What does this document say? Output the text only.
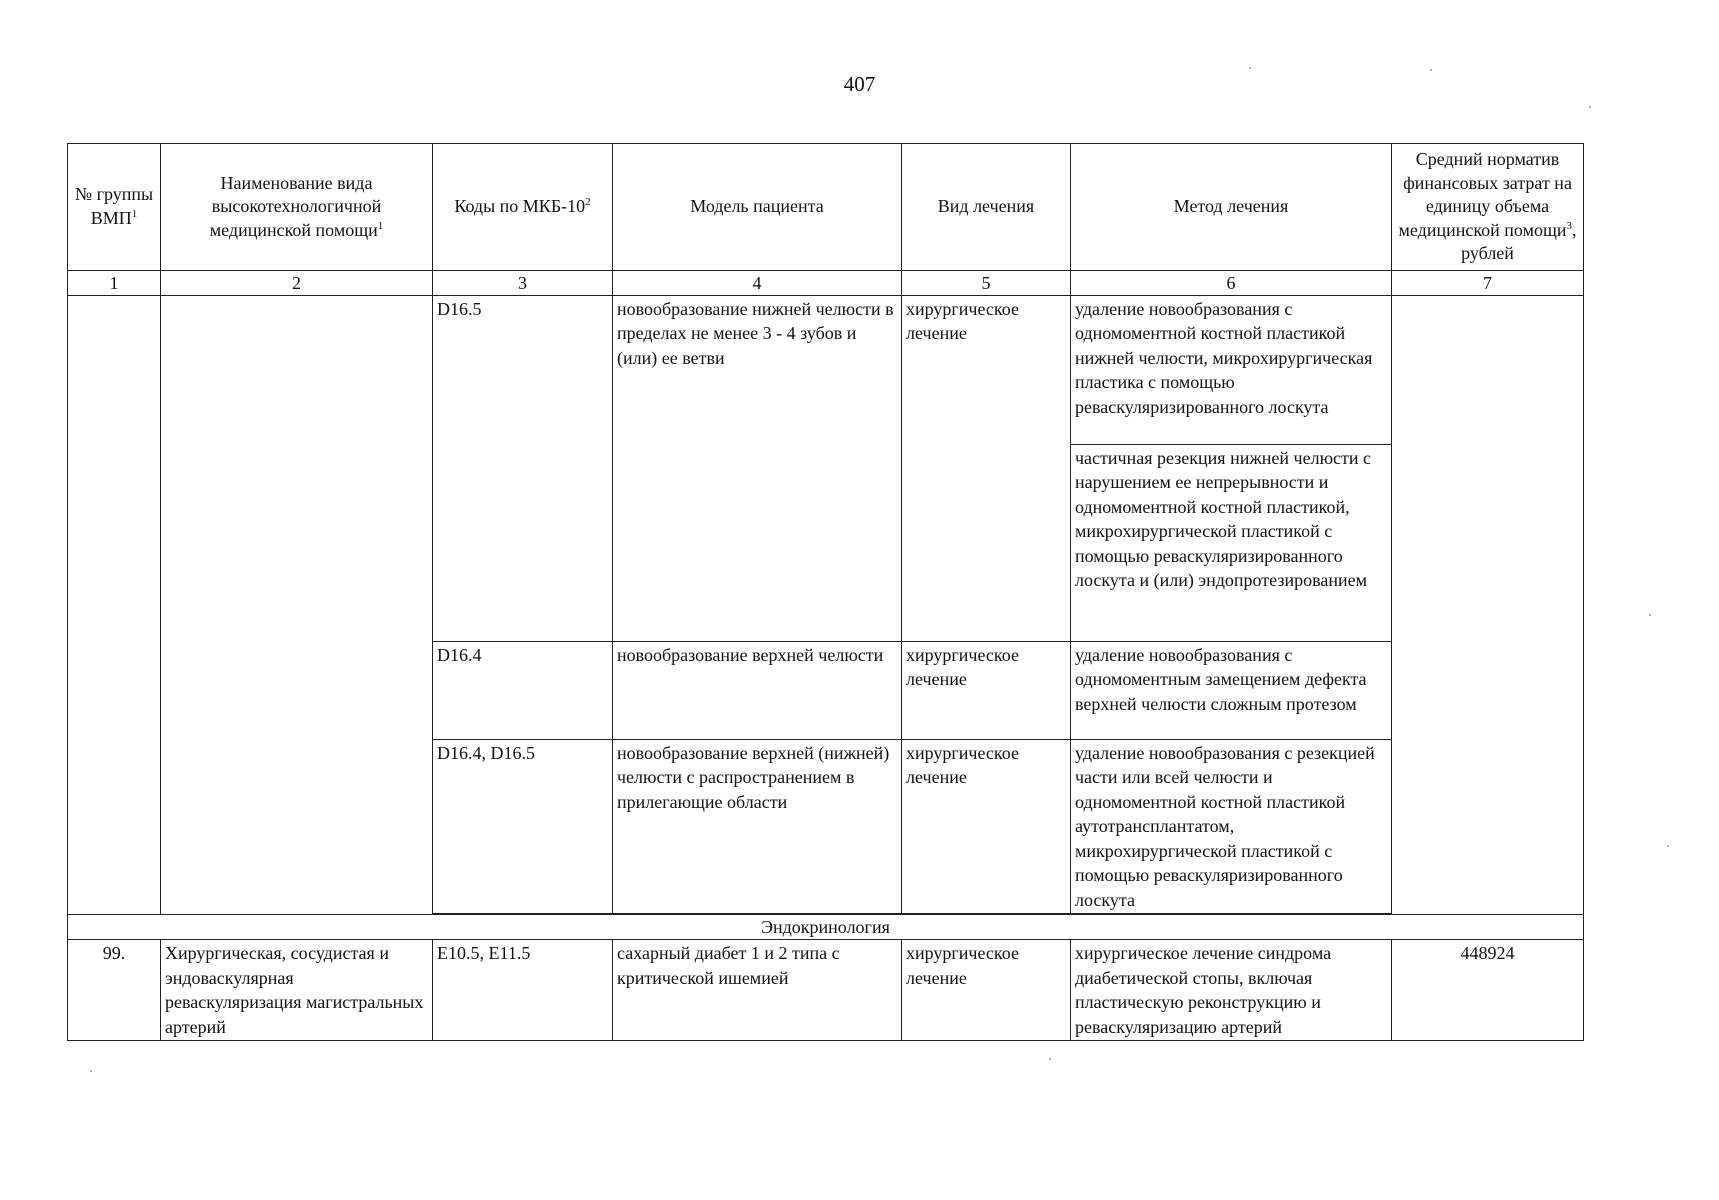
407
№ группы ВМП$^1$	Наименование вида высокотехнологичной медицинской помощи$^1$	Коды по МКБ-$10^2$	Модель пациента	Вид лечения	Метод лечения	Средний норматив финансовых затрат на единицу объема медицинской помощи$^3$, рублей
1	2	3	4	5	6	7
		D16.5	новообразование нижней челюсти в пределах не менее 3 - 4 зубов и (или) ее ветви	хирургическое лечение	удаление новообразования с одномоментной костной пластикой нижней челюсти, микрохирургическая пластика с помощью реваскуляризированного лоскута	
					частичная резекция нижней челюсти с нарушением ее непрерывности и одномоментной костной пластикой, микрохирургической пластикой с помощью реваскуляризированного лоскута и (или) эндопротезированием	
		D16.4	новообразование верхней челюсти	хирургическое лечение	удаление новообразования с одномоментным замещением дефекта верхней челюсти сложным протезом	
		D16.4, D16.5	новообразование верхней (нижней) челюсти с распространением в прилегающие области	хирургическое лечение	удаление новообразования с резекцией части или всей челюсти и одномоментной костной пластикой аутотрансплантатом, микрохирургической пластикой с помощью реваскуляризированного лоскута	

Эндокринология						
99.	Хирургическая, сосудистая и эндоваскулярная реваскуляризация магистральных артерий	E10.5, E11.5	сахарный диабет 1 и 2 типа с критической ишемией	хирургическое лечение	хирургическое лечение синдрома диабетической стопы, включая пластическую реконструкцию и реваскуляризацию артерий	448924
